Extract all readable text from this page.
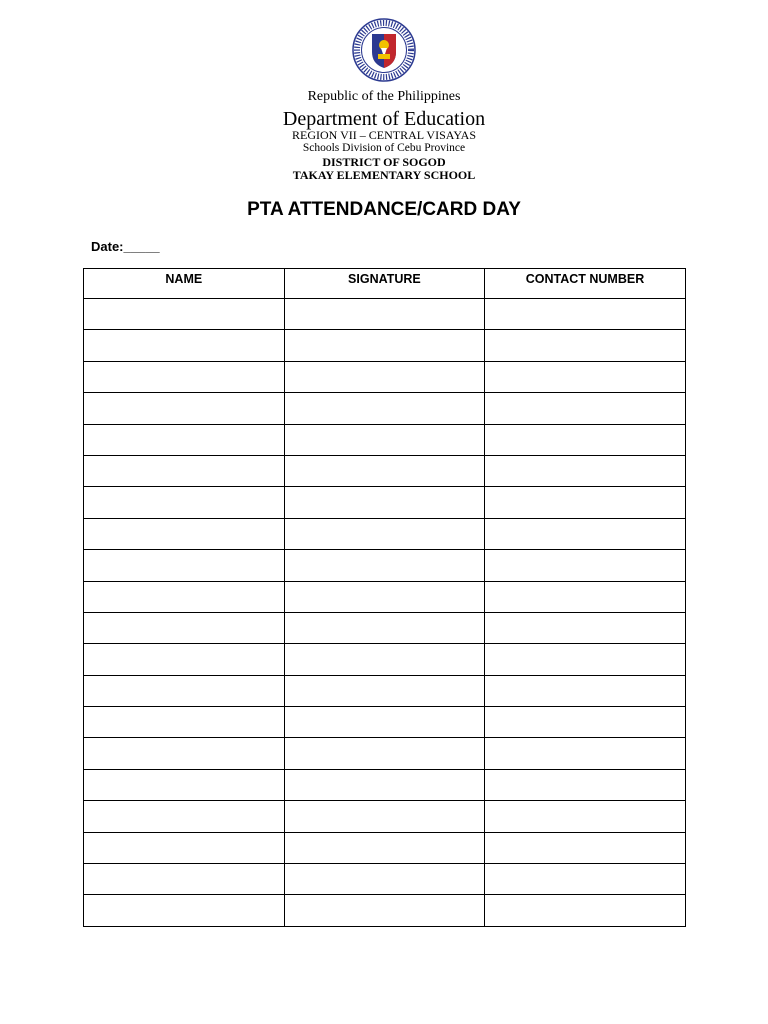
Republic of the Philippines
Department of Education
REGION VII – CENTRAL VISAYAS
Schools Division of Cebu Province
DISTRICT OF SOGOD
TAKAY ELEMENTARY SCHOOL
PTA ATTENDANCE/CARD DAY
Date:_____
NAME	SIGNATURE	CONTACT NUMBER
